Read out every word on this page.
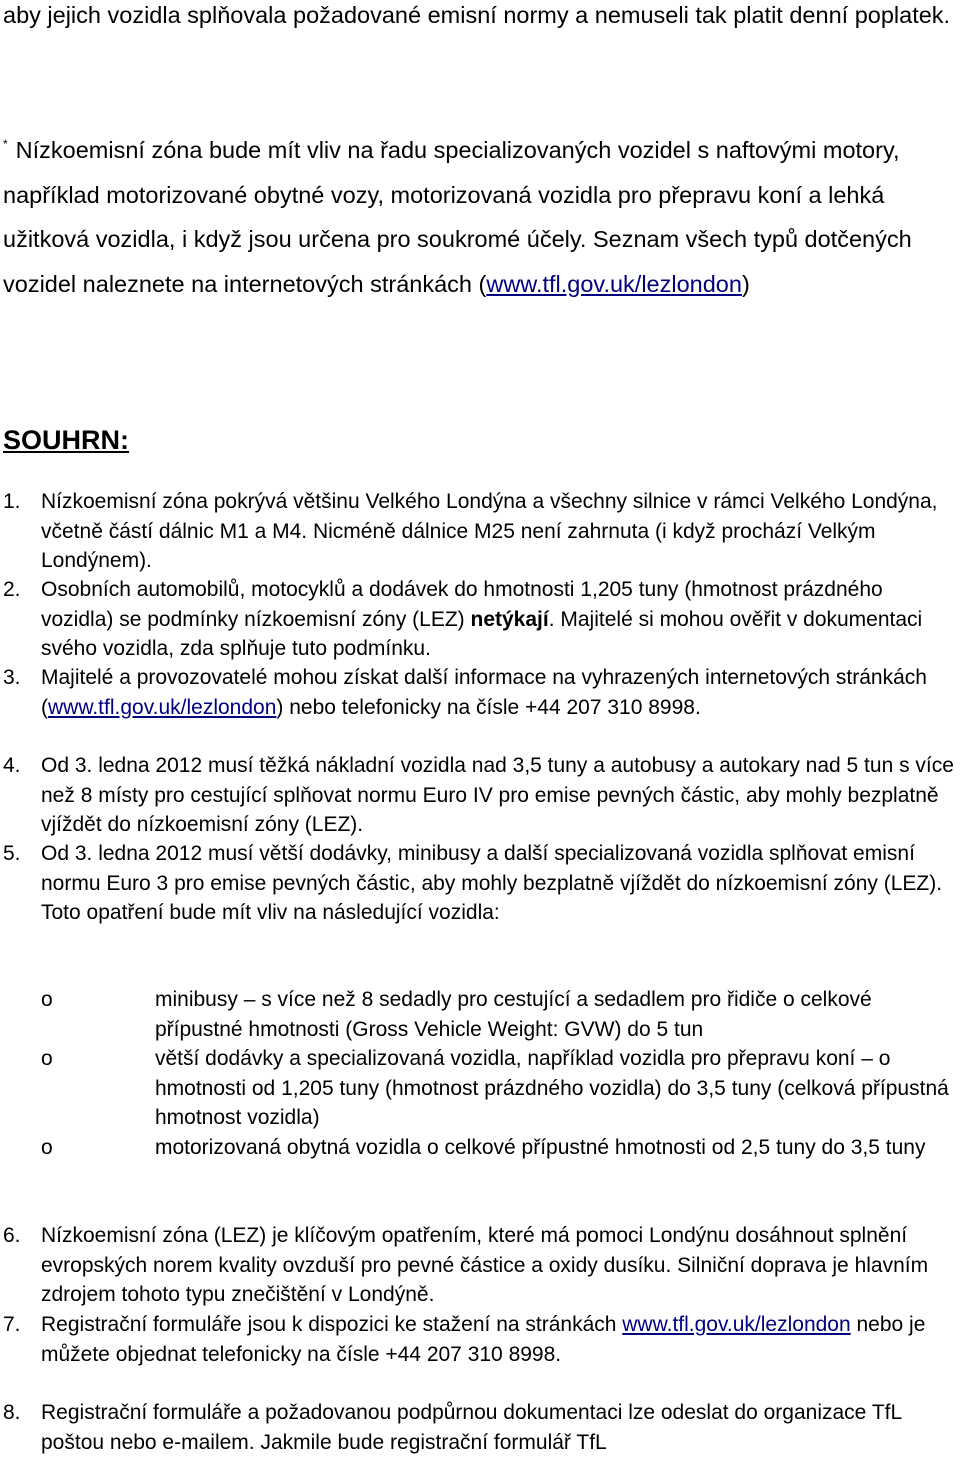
aby jejich vozidla splňovala požadované emisní normy a nemuseli tak platit denní poplatek.

* Nízkoemisní zóna bude mít vliv na řadu specializovaných vozidel s naftovými motory, například motorizované obytné vozy, motorizovaná vozidla pro přepravu koní a lehká užitková vozidla, i když jsou určena pro soukromé účely. Seznam všech typů dotčených vozidel naleznete na internetových stránkách (www.tfl.gov.uk/lezlondon)

SOUHRN:
1. Nízkoemisní zóna pokrývá většinu Velkého Londýna a všechny silnice v rámci Velkého Londýna, včetně částí dálnic M1 a M4. Nicméně dálnice M25 není zahrnuta (i když prochází Velkým Londýnem).
2. Osobních automobilů, motocyklů a dodávek do hmotnosti 1,205 tuny (hmotnost prázdného vozidla) se podmínky nízkoemisní zóny (LEZ) netýkají. Majitelé si mohou ověřit v dokumentaci svého vozidla, zda splňuje tuto podmínku.
3. Majitelé a provozovatelé mohou získat další informace na vyhrazených internetových stránkách (www.tfl.gov.uk/lezlondon) nebo telefonicky na čísle +44 207 310 8998.
4. Od 3. ledna 2012 musí těžká nákladní vozidla nad 3,5 tuny a autobusy a autokary nad 5 tun s více než 8 místy pro cestující splňovat normu Euro IV pro emise pevných částic, aby mohly bezplatně vjíždět do nízkoemisní zóny (LEZ).
5. Od 3. ledna 2012 musí větší dodávky, minibusy a další specializovaná vozidla splňovat emisní normu Euro 3 pro emise pevných částic, aby mohly bezplatně vjíždět do nízkoemisní zóny (LEZ). Toto opatření bude mít vliv na následující vozidla:
o	minibusy – s více než 8 sedadly pro cestující a sedadlem pro řidiče o celkové přípustné hmotnosti (Gross Vehicle Weight: GVW) do 5 tun
o	větší dodávky a specializovaná vozidla, například vozidla pro přepravu koní – o hmotnosti od 1,205 tuny (hmotnost prázdného vozidla) do 3,5 tuny (celková přípustná hmotnost vozidla)
o	motorizovaná obytná vozidla o celkové přípustné hmotnosti od 2,5 tuny do 3,5 tuny
6. Nízkoemisní zóna (LEZ) je klíčovým opatřením, které má pomoci Londýnu dosáhnout splnění evropských norem kvality ovzduší pro pevné částice a oxidy dusíku. Silniční doprava je hlavním zdrojem tohoto typu znečištění v Londýně.
7. Registrační formuláře jsou k dispozici ke stažení na stránkách www.tfl.gov.uk/lezlondon nebo je můžete objednat telefonicky na čísle +44 207 310 8998.
8. Registrační formuláře a požadovanou podpůrnou dokumentaci lze odeslat do organizace TfL poštou nebo e-mailem. Jakmile bude registrační formulář TfL
